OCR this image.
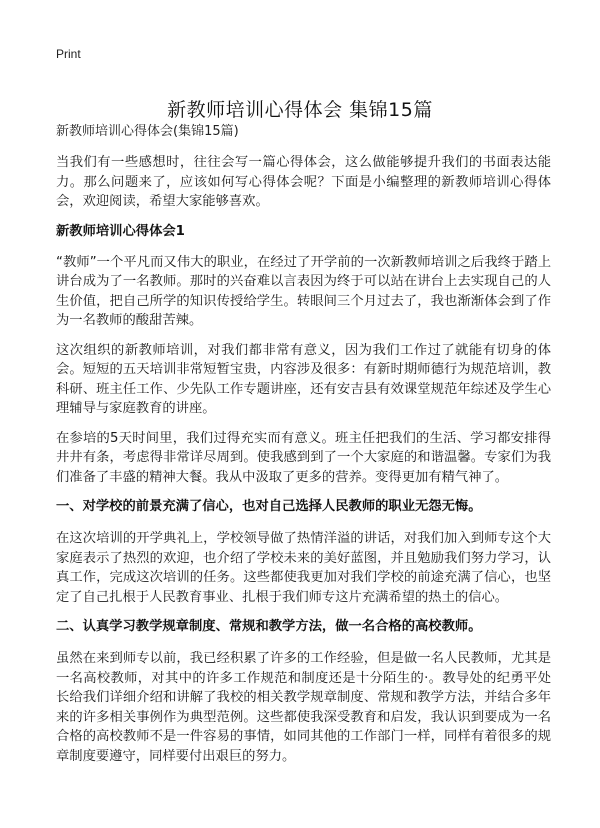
Print
新教师培训心得体会 集锦15篇
新教师培训心得体会(集锦15篇)

当我们有一些感想时，往往会写一篇心得体会，这么做能够提升我们的书面表达能力。那么问题来了，应该如何写心得体会呢？下面是小编整理的新教师培训心得体会，欢迎阅读，希望大家能够喜欢。

新教师培训心得体会1

“教师”一个平凡而又伟大的职业，在经过了开学前的一次新教师培训之后我终于踏上讲台成为了一名教师。那时的兴奋难以言表因为终于可以站在讲台上去实现自己的人生价值，把自己所学的知识传授给学生。转眼间三个月过去了，我也渐渐体会到了作为一名教师的酸甜苦辣。

这次组织的新教师培训，对我们都非常有意义，因为我们工作过了就能有切身的体会。短短的五天培训非常短暂宝贵，内容涉及很多：有新时期师德行为规范培训，教科研、班主任工作、少先队工作专题讲座，还有安吉县有效课堂规范年综述及学生心理辅导与家庭教育的讲座。

在参培的5天时间里，我们过得充实而有意义。班主任把我们的生活、学习都安排得井井有条，考虑得非常详尽周到。使我感到到了一个大家庭的和谐温馨。专家们为我们准备了丰盛的精神大餐。我从中汲取了更多的营养。变得更加有精气神了。

一、对学校的前景充满了信心，也对自己选择人民教师的职业无怨无悔。

在这次培训的开学典礼上，学校领导做了热情洋溢的讲话，对我们加入到师专这个大家庭表示了热烈的欢迎，也介绍了学校未来的美好蓝图，并且勉励我们努力学习，认真工作，完成这次培训的任务。这些都使我更加对我们学校的前途充满了信心，也坚定了自己扎根于人民教育事业、扎根于我们师专这片充满希望的热土的信心。

二、认真学习教学规章制度、常规和教学方法，做一名合格的高校教师。

虽然在来到师专以前，我已经积累了许多的工作经验，但是做一名人民教师，尤其是一名高校教师，对其中的许多工作规范和制度还是十分陌生的·。教导处的纪勇平处长给我们详细介绍和讲解了我校的相关教学规章制度、常规和教学方法，并结合多年来的许多相关事例作为典型范例。这些都使我深受教育和启发，我认识到要成为一名合格的高校教师不是一件容易的事情，如同其他的工作部门一样，同样有着很多的规章制度要遵守，同样要付出艰巨的努力。
